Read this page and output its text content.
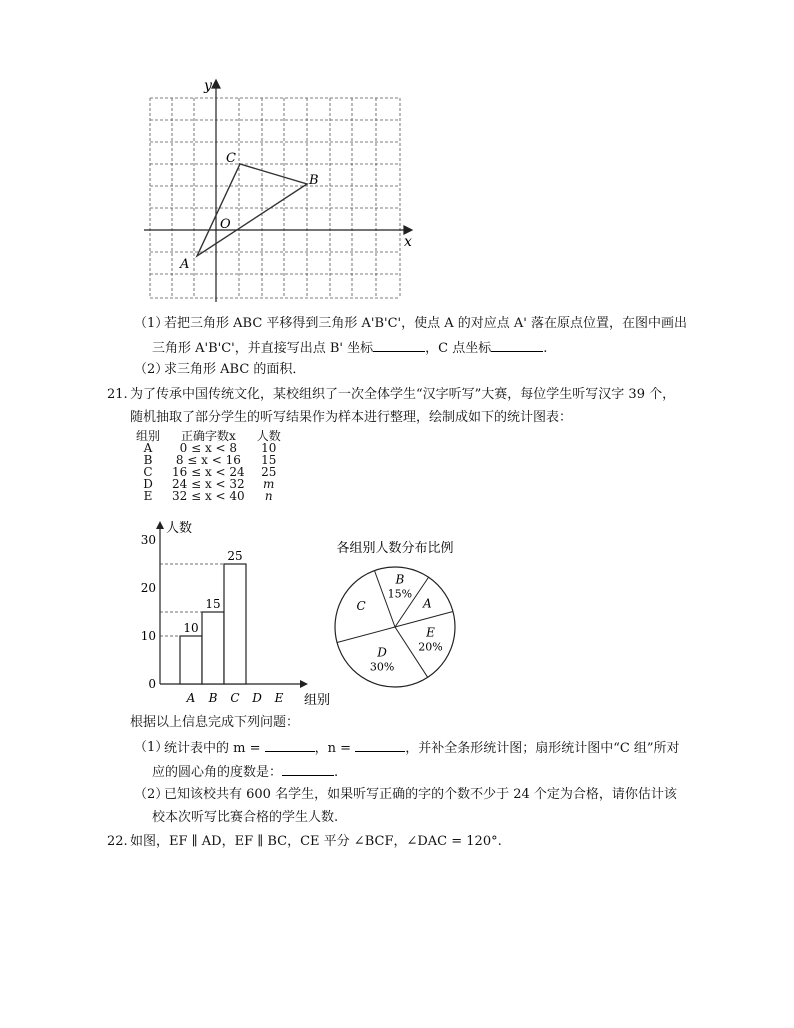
y
x
O
A
B
C
（1）
若把三角形 ABC 平移得到三角形 A'B'C'，使点 A 的对应点 A' 落在原点位置，在图中画出
三角形 A'B'C'，并直接写出点 B' 坐标	，C 点坐标	.
（2）
求三角形 ABC 的面积．
21. 为了传承中国传统文化，某校组织了一次全体学生“汉字听写”大赛，每位学生听写汉字 39 个，
随机抽取了部分学生的听写结果作为样本进行整理，绘制成如下的统计图表：
组别	正确字数x	人数
A	0 ≤ x < 8	10
B	8 ≤ x < 16	15
C	16 ≤ x < 24	25
D	24 ≤ x < 32	m
E	32 ≤ x < 40	n
人数
组别
0
10
20
30
A
10
B
15
C
25
D E
各组别人数分布比例
B
15%
A
E
20%
D
30%
C
根据以上信息完成下列问题：
（1）
统计表中的 m =	，n =	，并补全条形统计图；扇形统计图中“C 组”所对
应的圆心角的度数是：	.
（2）
已知该校共有 600 名学生，如果听写正确的字的个数不少于 24 个定为合格，请你估计该
校本次听写比赛合格的学生人数.
22. 如图，EF ∥ AD，EF ∥ BC，CE 平分 ∠BCF，∠DAC = 120°.
